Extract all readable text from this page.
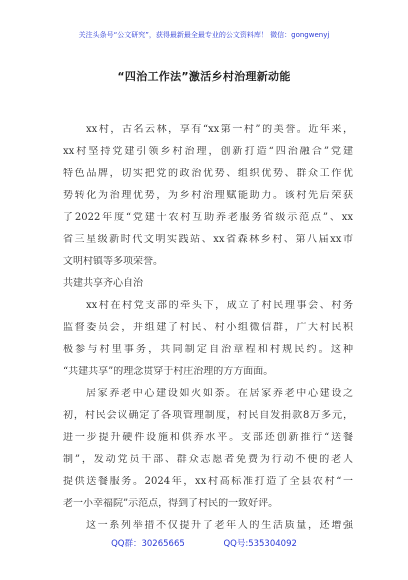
关注头条号“公文研究”，获得最新最全最专业的公文资料库！ 微信：gongwenyj
“四治工作法”激活乡村治理新动能
xx村，古名云林，享有“xx第一村”的美誉。近年来，
xx村坚持党建引领乡村治理，创新打造“四治融合”党建
特色品牌，切实把党的政治优势、组织优势、群众工作优
势转化为治理优势，为乡村治理赋能助力。该村先后荣获
了2022年度“党建十农村互助养老服务省级示范点”、xx
省三星级新时代文明实践站、xx省森林乡村、第八届xx市
文明村镇等多项荣誉。
共建共享齐心自治
xx村在村党支部的牵头下，成立了村民理事会、村务
监督委员会，并组建了村民、村小组微信群，广大村民积
极参与村里事务，共同制定自治章程和村规民约。这种
“共建共享”的理念贯穿于村庄治理的方方面面。
居家养老中心建设如火如荼。在居家养老中心建设之
初，村民会议确定了各项管理制度，村民自发捐款8万多元，
进一步提升硬件设施和供养水平。支部还创新推行“送餐
制”，发动党员干部、群众志愿者免费为行动不便的老人
提供送餐服务。2024年，xx村高标准打造了全县农村“一
老一小幸福院”示范点，得到了村民的一致好评。
这一系列举措不仅提升了老年人的生活质量，还增强
QQ群：30265665	QQ号:535304092
